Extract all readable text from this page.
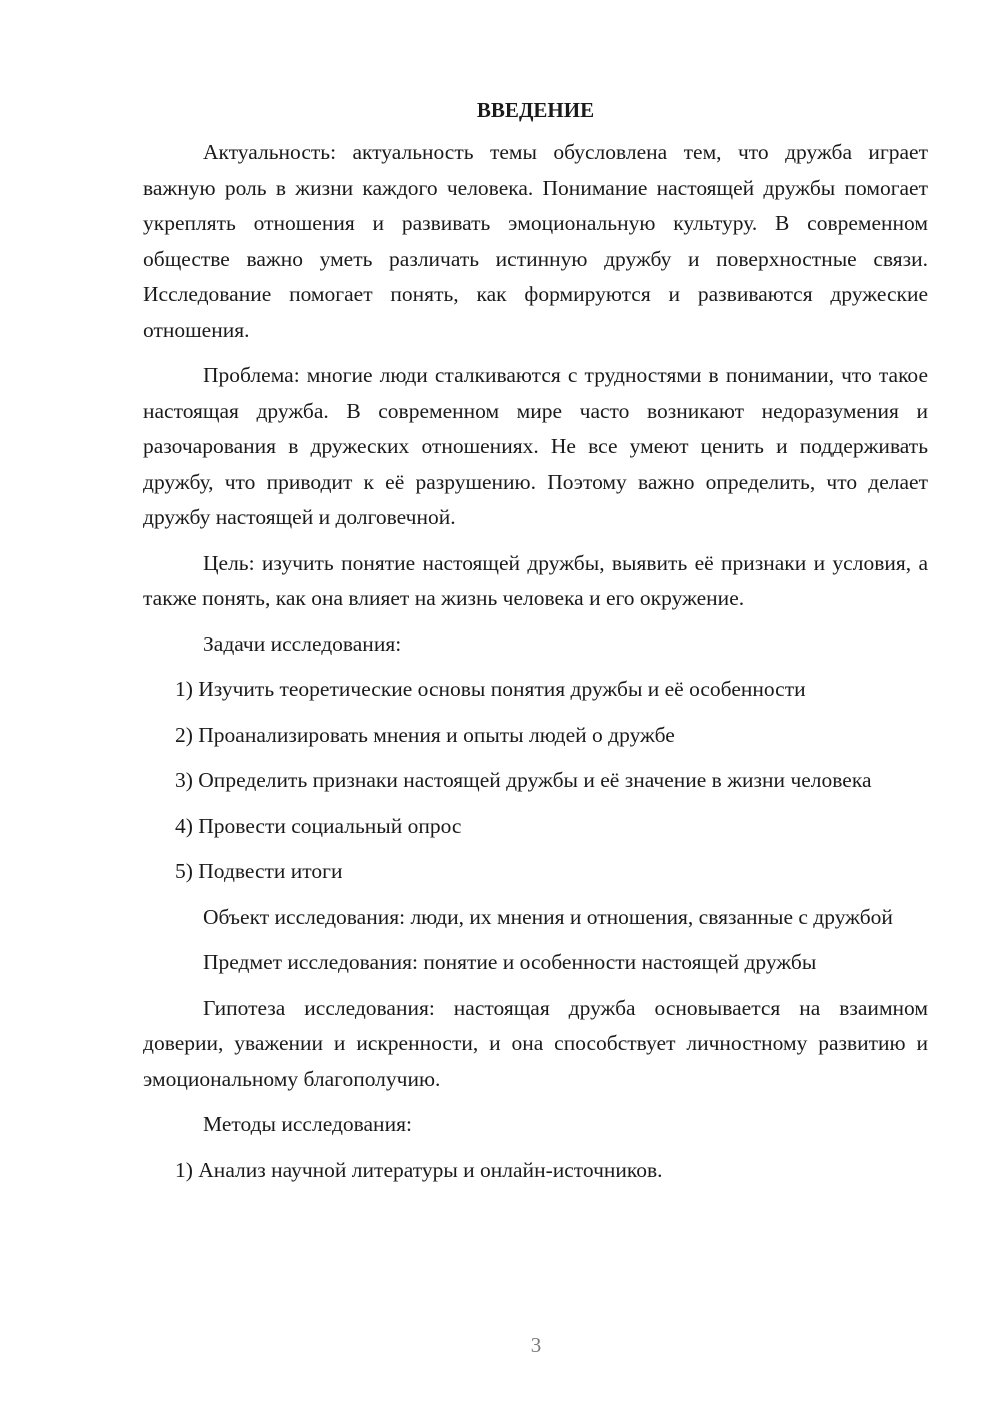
ВВЕДЕНИЕ
Актуальность: актуальность темы обусловлена тем, что дружба играет важную роль в жизни каждого человека. Понимание настоящей дружбы помогает укреплять отношения и развивать эмоциональную культуру. В современном обществе важно уметь различать истинную дружбу и поверхностные связи. Исследование помогает понять, как формируются и развиваются дружеские отношения.
Проблема: многие люди сталкиваются с трудностями в понимании, что такое настоящая дружба. В современном мире часто возникают недоразумения и разочарования в дружеских отношениях. Не все умеют ценить и поддерживать дружбу, что приводит к её разрушению. Поэтому важно определить, что делает дружбу настоящей и долговечной.
Цель: изучить понятие настоящей дружбы, выявить её признаки и условия, а также понять, как она влияет на жизнь человека и его окружение.
Задачи исследования:
1) Изучить теоретические основы понятия дружбы и её особенности
2) Проанализировать мнения и опыты людей о дружбе
3) Определить признаки настоящей дружбы и её значение в жизни человека
4) Провести социальный опрос
5) Подвести итоги
Объект исследования: люди, их мнения и отношения, связанные с дружбой
Предмет исследования: понятие и особенности настоящей дружбы
Гипотеза исследования: настоящая дружба основывается на взаимном доверии, уважении и искренности, и она способствует личностному развитию и эмоциональному благополучию.
Методы исследования:
1) Анализ научной литературы и онлайн-источников.
3
